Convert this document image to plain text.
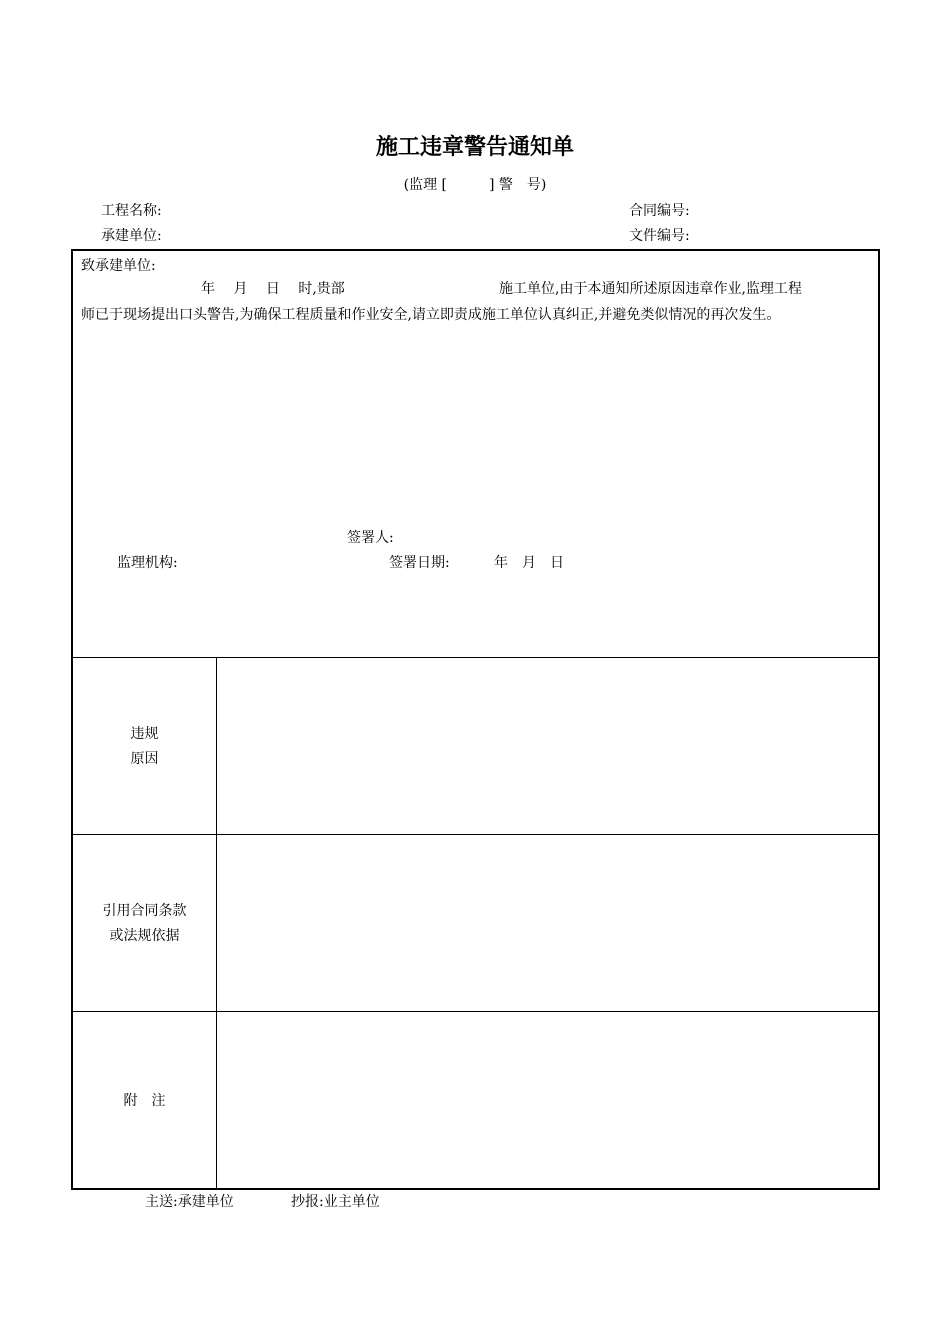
施工违章警告通知单
(监理 [　　　] 警　号)
工程名称:	合同编号:
承建单位:	文件编号:
致承建单位:
年　 月　 日　 时,贵部	施工单位,由于本通知所述原因违章作业,监理工程
师已于现场提出口头警告,为确保工程质量和作业安全,请立即责成施工单位认真纠正,并避免类似情况的再次发生。
签署人:
监理机构:	签署日期:	年　月　日
违规
原因
引用合同条款
或法规依据
附　注
主送:承建单位	抄报:业主单位
